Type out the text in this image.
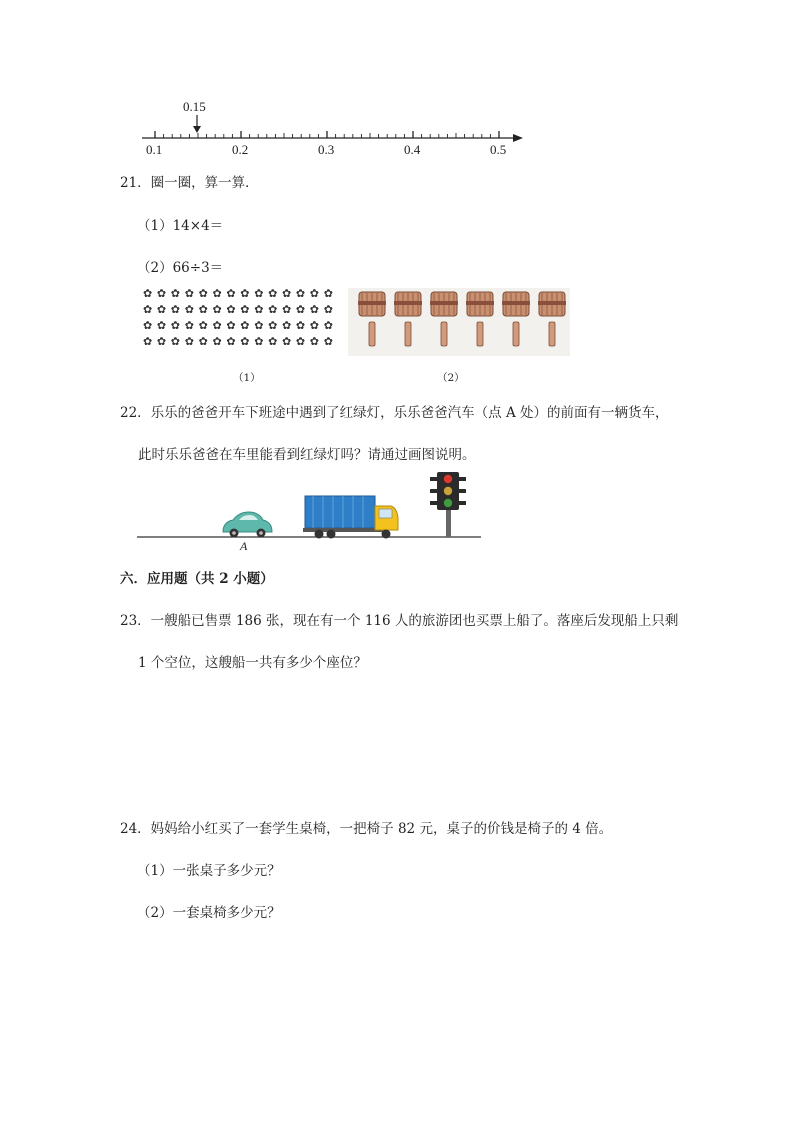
0.15
0.1	0.2	0.3	0.4	0.5
21．圈一圈，算一算．
（1）14×4＝
（2）66÷3＝
✿ ✿ ✿ ✿ ✿ ✿ ✿ ✿ ✿ ✿ ✿ ✿ ✿ ✿
✿ ✿ ✿ ✿ ✿ ✿ ✿ ✿ ✿ ✿ ✿ ✿ ✿ ✿
✿ ✿ ✿ ✿ ✿ ✿ ✿ ✿ ✿ ✿ ✿ ✿ ✿ ✿
✿ ✿ ✿ ✿ ✿ ✿ ✿ ✿ ✿ ✿ ✿ ✿ ✿ ✿
（1）	（2）
22．乐乐的爸爸开车下班途中遇到了红绿灯，乐乐爸爸汽车（点 A 处）的前面有一辆货车，
此时乐乐爸爸在车里能看到红绿灯吗？请通过画图说明。
A
六．应用题（共 2 小题）
23．一艘船已售票 186 张，现在有一个 116 人的旅游团也买票上船了。落座后发现船上只剩
1 个空位，这艘船一共有多少个座位？
24．妈妈给小红买了一套学生桌椅，一把椅子 82 元，桌子的价钱是椅子的 4 倍。
（1）一张桌子多少元？
（2）一套桌椅多少元？
